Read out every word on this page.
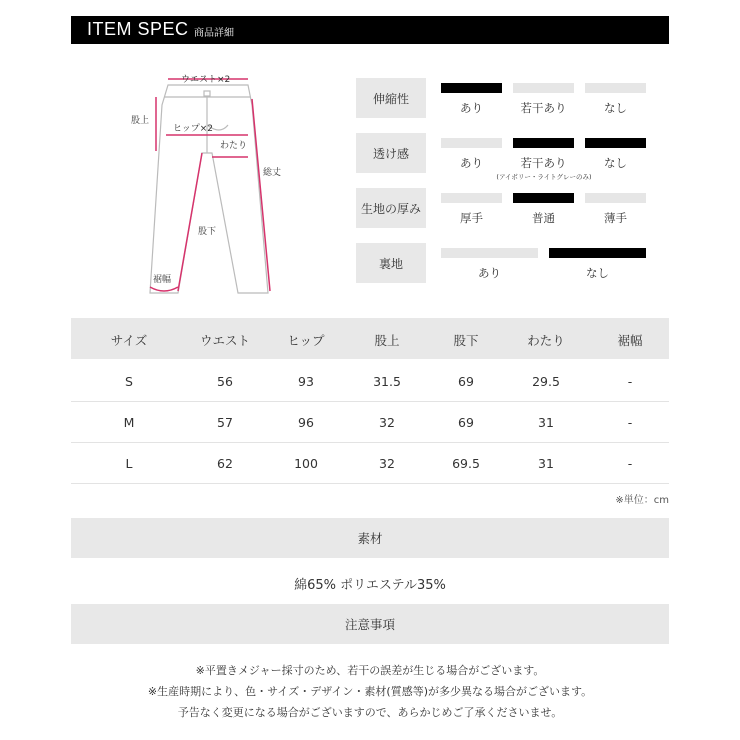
ITEM SPEC 商品詳細
ウエスト×2
股上
ヒップ×2
わたり
総丈
股下
裾幅
伸縮性
あり	若干あり	なし
透け感
あり	若干あり	なし
(アイボリー・ライトグレーのみ)
生地の厚み
厚手	普通	薄手
裏地
あり	なし
サイズ	ウエスト	ヒップ	股上	股下	わたり	裾幅
S	56	93	31.5	69	29.5	-
M	57	96	32	69	31	-
L	62	100	32	69.5	31	-
※単位：cm
素材
綿65% ポリエステル35%
注意事項
※平置きメジャー採寸のため、若干の誤差が生じる場合がございます。
※生産時期により、色・サイズ・デザイン・素材(質感等)が多少異なる場合がございます。
予告なく変更になる場合がございますので、あらかじめご了承くださいませ。
